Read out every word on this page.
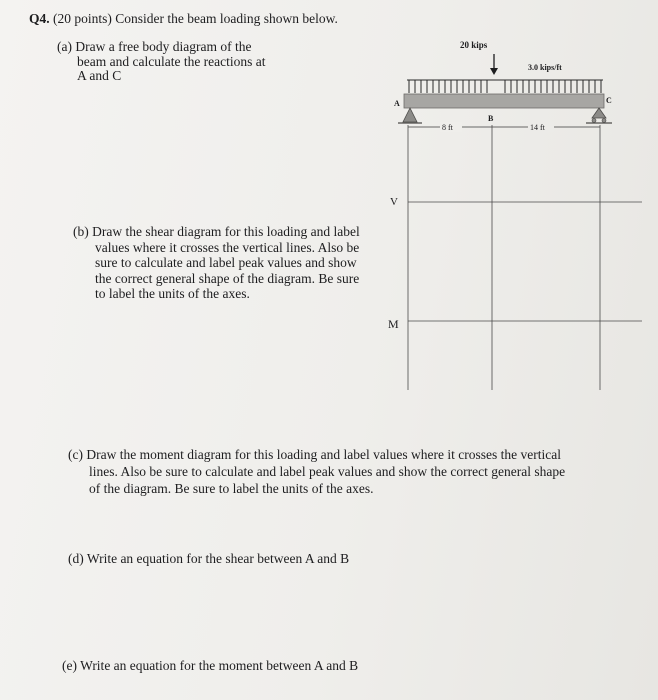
Q4. (20 points) Consider the beam loading shown below.
(a) Draw a free body diagram of the
beam and calculate the reactions at
A and C
(b) Draw the shear diagram for this loading and label
values where it crosses the vertical lines. Also be
sure to calculate and label peak values and show
the correct general shape of the diagram. Be sure
to label the units of the axes.
(c) Draw the moment diagram for this loading and label values where it crosses the vertical
lines. Also be sure to calculate and label peak values and show the correct general shape
of the diagram. Be sure to label the units of the axes.
(d) Write an equation for the shear between A and B
(e) Write an equation for the moment between A and B
20 kips
3.0 kips/ft
A	C
B
8 ft	14 ft
V
M
